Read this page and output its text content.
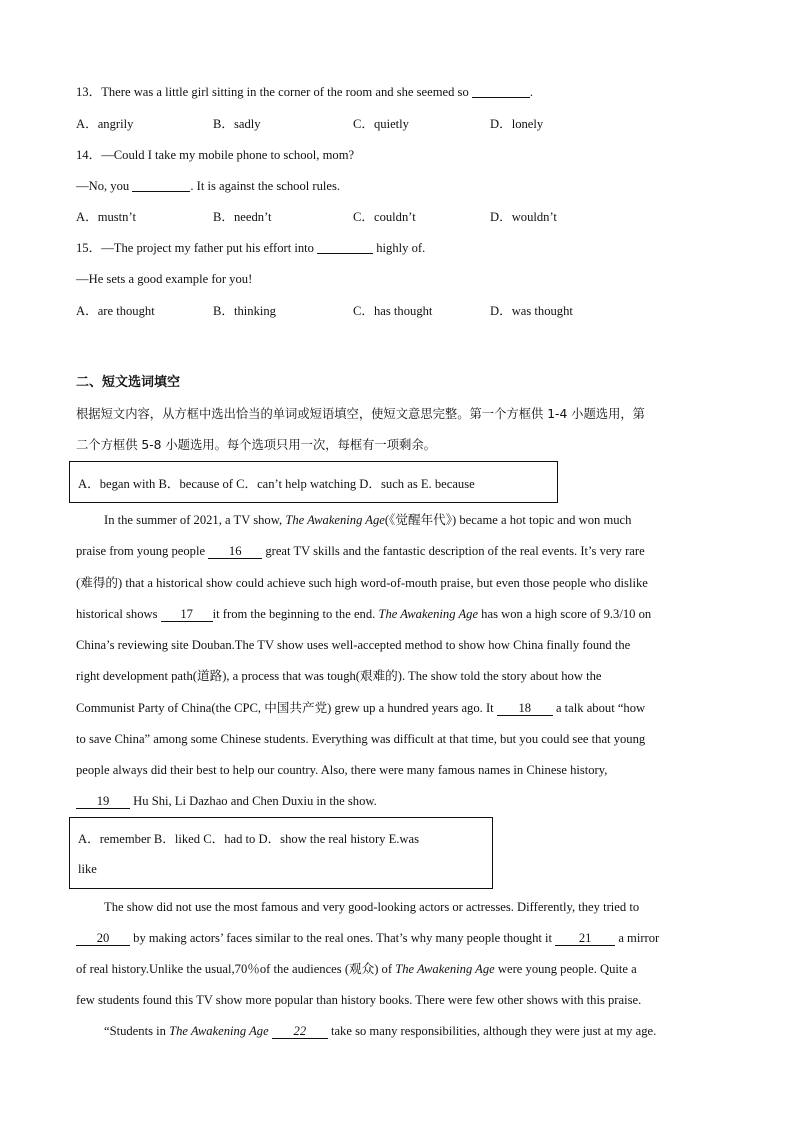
13．There was a little girl sitting in the corner of the room and she seemed so	.
A．angrily	B．sadly	C．quietly	D．lonely
14．—Could I take my mobile phone to school, mom?
—No, you	. It is against the school rules.
A．mustn’t	B．needn’t	C．couldn’t	D．wouldn’t
15．—The project my father put his effort into	highly of.
—He sets a good example for you!
A．are thought	B．thinking	C．has thought	D．was thought
二、短文选词填空
根据短文内容，从方框中选出恰当的单词或短语填空，使短文意思完整。第一个方框供 1-4 小题选用，第
二个方框供 5-8 小题选用。每个选项只用一次，每框有一项剩余。
A．began with B．because of C．can’t help watching D．such as E. because
In the summer of 2021, a TV show, The Awakening Age(《觉醒年代》) became a hot topic and won much
praise from young people 16 great TV skills and the fantastic description of the real events. It’s very rare
(难得的) that a historical show could achieve such high word-of-mouth praise, but even those people who dislike
historical shows 17 it from the beginning to the end. The Awakening Age has won a high score of 9.3/10 on
China’s reviewing site Douban.The TV show uses well-accepted method to show how China finally found the
right development path(道路), a process that was tough(艰难的). The show told the story about how the
Communist Party of China(the CPC, 中国共产党) grew up a hundred years ago. It 18 a talk about “how
to save China” among some Chinese students. Everything was difficult at that time, but you could see that young
people always did their best to help our country. Also, there were many famous names in Chinese history,
19 Hu Shi, Li Dazhao and Chen Duxiu in the show.
A．remember B．liked C．had to D．show the real history E.was
like
The show did not use the most famous and very good-looking actors or actresses. Differently, they tried to
20 by making actors’ faces similar to the real ones. That’s why many people thought it 21 a mirror
of real history.Unlike the usual,70％of the audiences (观众) of The Awakening Age were young people. Quite a
few students found this TV show more popular than history books. There were few other shows with this praise.
“Students in The Awakening Age 22 take so many responsibilities, although they were just at my age.
